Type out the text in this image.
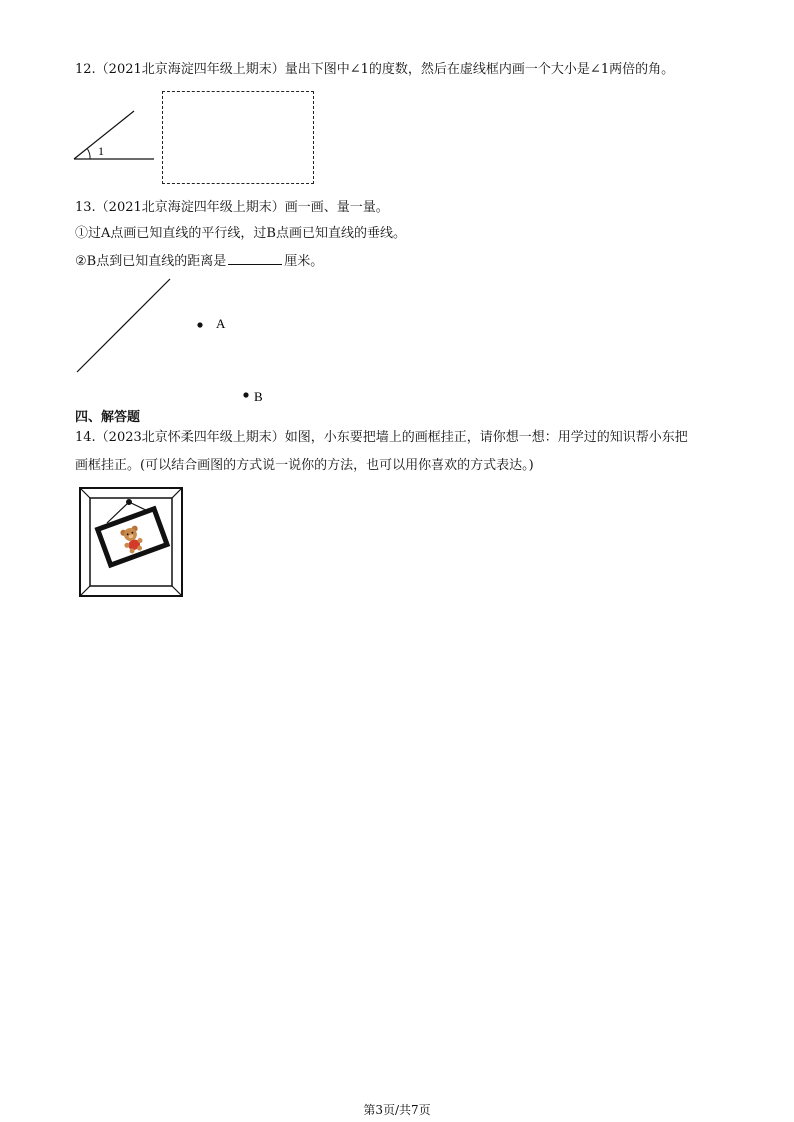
12.（2021北京海淀四年级上期末）量出下图中∠1的度数，然后在虚线框内画一个大小是∠1两倍的角。

1

13.（2021北京海淀四年级上期末）画一画、量一量。

①过A点画已知直线的平行线，过B点画已知直线的垂线。

②B点到已知直线的距离是	厘米。

A
B

四、解答题

14.（2023北京怀柔四年级上期末）如图，小东要把墙上的画框挂正，请你想一想：用学过的知识帮小东把

画框挂正。(可以结合画图的方式说一说你的方法，也可以用你喜欢的方式表达。)

第3页/共7页
